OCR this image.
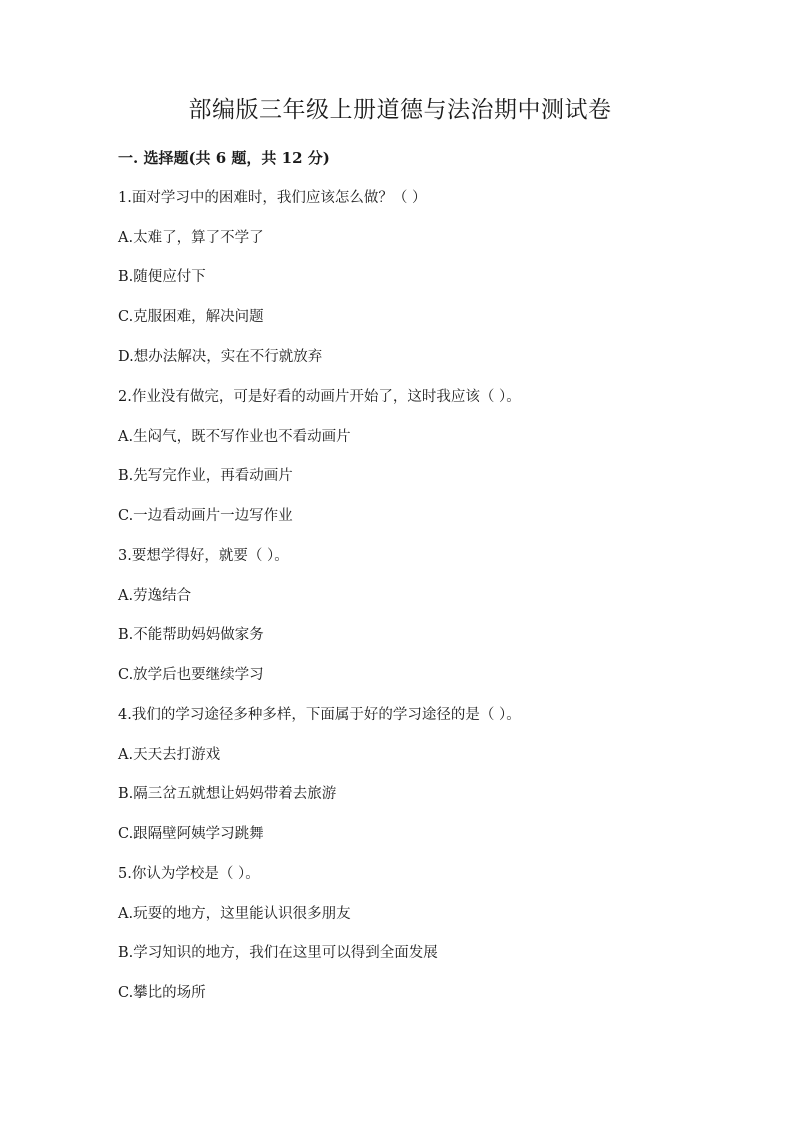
部编版三年级上册道德与法治期中测试卷
一. 选择题(共 6 题，共 12 分)
1.面对学习中的困难时，我们应该怎么做？（ ）
A.太难了，算了不学了
B.随便应付下
C.克服困难，解决问题
D.想办法解决，实在不行就放弃
2.作业没有做完，可是好看的动画片开始了，这时我应该（ ）。
A.生闷气，既不写作业也不看动画片
B.先写完作业，再看动画片
C.一边看动画片一边写作业
3.要想学得好，就要（ ）。
A.劳逸结合
B.不能帮助妈妈做家务
C.放学后也要继续学习
4.我们的学习途径多种多样，下面属于好的学习途径的是（ ）。
A.天天去打游戏
B.隔三岔五就想让妈妈带着去旅游
C.跟隔壁阿姨学习跳舞
5.你认为学校是（ ）。
A.玩耍的地方，这里能认识很多朋友
B.学习知识的地方，我们在这里可以得到全面发展
C.攀比的场所
